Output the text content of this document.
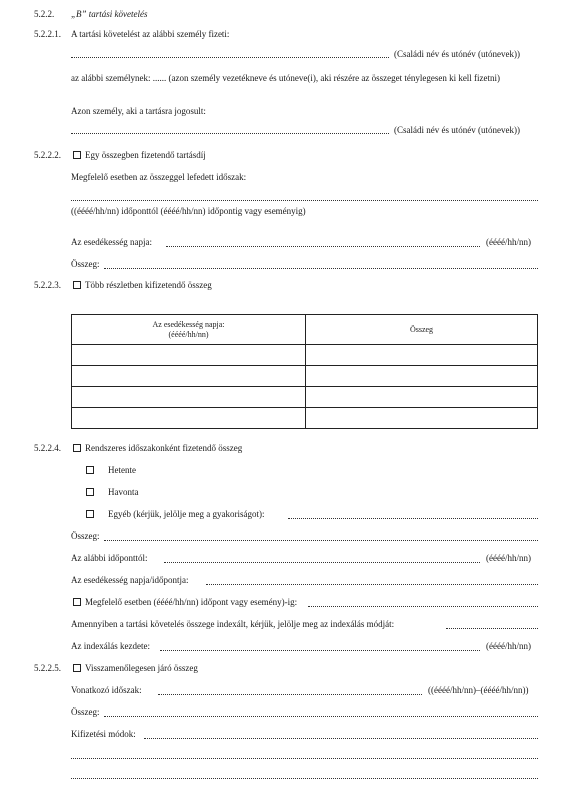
5.2.2. „B” tartási követelés
5.2.2.1. A tartási követelést az alábbi személy fizeti:
(Családi név és utónév (utónevek))
az alábbi személynek: ...... (azon személy vezetékneve és utóneve(i), aki részére az összeget ténylegesen ki kell fizetni)
Azon személy, aki a tartásra jogosult:
(Családi név és utónév (utónevek))
5.2.2.2.	Egy összegben fizetendő tartásdíj
Megfelelő esetben az összeggel lefedett időszak:
((éééé/hh/nn) időponttól (éééé/hh/nn) időpontig vagy eseményig)
Az esedékesség napja:	(éééé/hh/nn)
Összeg:
5.2.2.3.	Több részletben kifizetendő összeg
Az esedékesség napja:
(éééé/hh/nn)	Összeg

5.2.2.4.	Rendszeres időszakonként fizetendő összeg
Hetente
Havonta
Egyéb (kérjük, jelölje meg a gyakoriságot):
Összeg:
Az alábbi időponttól:	(éééé/hh/nn)
Az esedékesség napja/időpontja:
Megfelelő esetben (éééé/hh/nn) időpont vagy esemény)-ig:
Amennyiben a tartási követelés összege indexált, kérjük, jelölje meg az indexálás módját:
Az indexálás kezdete:	(éééé/hh/nn)
5.2.2.5.	Visszamenőlegesen járó összeg
Vonatkozó időszak:	((éééé/hh/nn)–(éééé/hh/nn))
Összeg:
Kifizetési módok:
